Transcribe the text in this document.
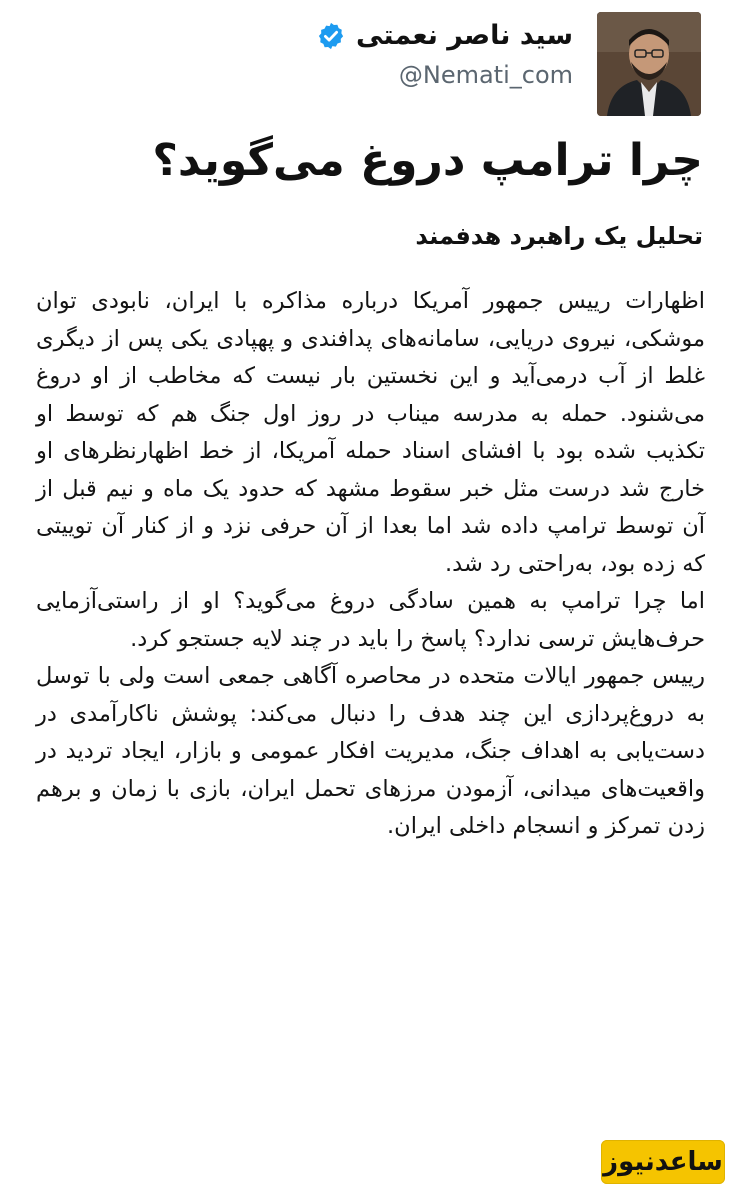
سید ناصر نعمتی
@Nemati_com
چرا ترامپ دروغ می‌گوید؟
تحلیل یک راهبرد هدفمند

اظهارات رییس جمهور آمریکا درباره مذاکره با ایران، نابودی توان موشکی، نیروی دریایی، سامانه‌های پدافندی و پهپادی یکی پس از دیگری غلط از آب درمی‌آید و این نخستین بار نیست که مخاطب از او دروغ می‌شنود. حمله به مدرسه میناب در روز اول جنگ هم که توسط او تکذیب شده بود با افشای اسناد حمله آمریکا، از خط اظهارنظرهای او خارج شد درست مثل خبر سقوط مشهد که حدود یک ماه و نیم قبل از آن توسط ترامپ داده شد اما بعدا از آن حرفی نزد و از کنار آن توییتی که زده بود، به‌راحتی رد شد.

اما چرا ترامپ به همین سادگی دروغ می‌گوید؟ او از راستی‌آزمایی حرف‌هایش ترسی ندارد؟ پاسخ را باید در چند لایه جستجو کرد.

رییس جمهور ایالات متحده در محاصره آگاهی جمعی است ولی با توسل به دروغ‌پردازی این چند هدف را دنبال می‌کند: پوشش ناکارآمدی در دست‌یابی به اهداف جنگ، مدیریت افکار عمومی و بازار، ایجاد تردید در واقعیت‌های میدانی، آزمودن مرزهای تحمل ایران، بازی با زمان و برهم زدن تمرکز و انسجام داخلی ایران.

ساعدنیوز
